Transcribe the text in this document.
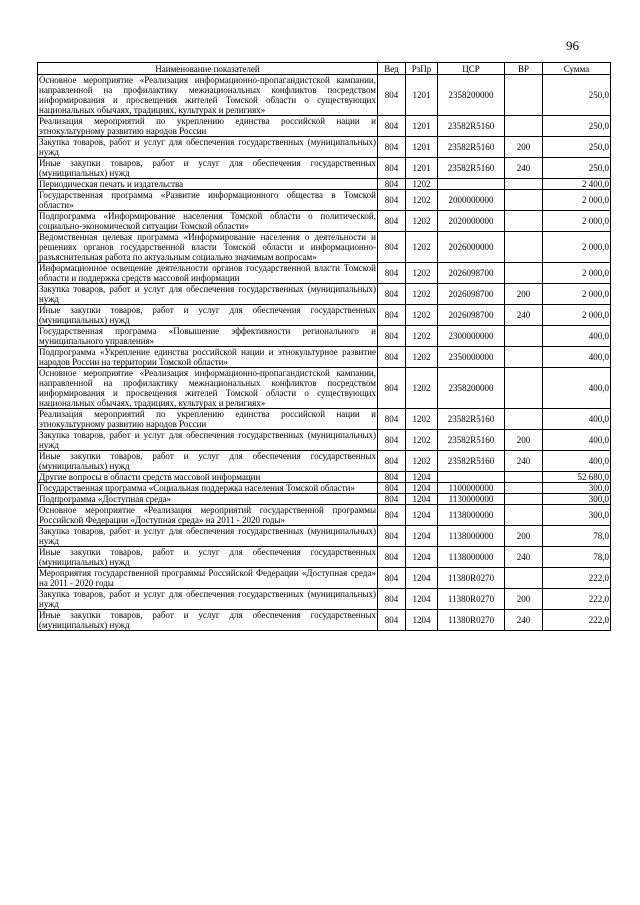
96
Наименование показателей	Вед	РзПр	ЦСР	ВР	Сумма
Основное мероприятие «Реализация информационно-пропагандистской кампании, направленной на профилактику межнациональных конфликтов посредством информирования и просвещения жителей Томской области о существующих национальных обычаях, традициях, культурах и религиях»	804	1201	2358200000		250,0
Реализация мероприятий по укреплению единства российской нации и этнокультурному развитию народов России	804	1201	23582R5160		250,0
Закупка товаров, работ и услуг для обеспечения государственных (муниципальных) нужд	804	1201	23582R5160	200	250,0
Иные закупки товаров, работ и услуг для обеспечения государственных (муниципальных) нужд	804	1201	23582R5160	240	250,0
Периодическая печать и издательства	804	1202			2 400,0
Государственная программа «Развитие информационного общества в Томской области»	804	1202	2000000000		2 000,0
Подпрограмма «Информирование населения Томской области о политической, социально-экономической ситуации Томской области»	804	1202	2020000000		2 000,0
Ведомственная целевая программа «Информирование населения о деятельности и решениях органов государственной власти Томской области и информационно-разъяснительная работа по актуальным социально значимым вопросам»	804	1202	2026000000		2 000,0
Информационное освещение деятельности органов государственной власти Томской области и поддержка средств массовой информации	804	1202	2026098700		2 000,0
Закупка товаров, работ и услуг для обеспечения государственных (муниципальных) нужд	804	1202	2026098700	200	2 000,0
Иные закупки товаров, работ и услуг для обеспечения государственных (муниципальных) нужд	804	1202	2026098700	240	2 000,0
Государственная программа «Повышение эффективности регионального и муниципального управления»	804	1202	2300000000		400,0
Подпрограмма «Укрепление единства российской нации и этнокультурное развитие народов России на территории Томской области»	804	1202	2350000000		400,0
Основное мероприятие «Реализация информационно-пропагандистской кампании, направленной на профилактику межнациональных конфликтов посредством информирования и просвещения жителей Томской области о существующих национальных обычаях, традициях, культурах и религиях»	804	1202	2358200000		400,0
Реализация мероприятий по укреплению единства российской нации и этнокультурному развитию народов России	804	1202	23582R5160		400,0
Закупка товаров, работ и услуг для обеспечения государственных (муниципальных) нужд	804	1202	23582R5160	200	400,0
Иные закупки товаров, работ и услуг для обеспечения государственных (муниципальных) нужд	804	1202	23582R5160	240	400,0
Другие вопросы в области средств массовой информации	804	1204			52 680,0
Государственная программа «Социальная поддержка населения Томской области»	804	1204	1100000000		300,0
Подпрограмма «Доступная среда»	804	1204	1130000000		300,0
Основное мероприятие «Реализация мероприятий государственной программы Российской Федерации «Доступная среда» на 2011 - 2020 годы»	804	1204	1138000000		300,0
Закупка товаров, работ и услуг для обеспечения государственных (муниципальных) нужд	804	1204	1138000000	200	78,0
Иные закупки товаров, работ и услуг для обеспечения государственных (муниципальных) нужд	804	1204	1138000000	240	78,0
Мероприятия государственной программы Российской Федерации «Доступная среда» на 2011 - 2020 годы	804	1204	11380R0270		222,0
Закупка товаров, работ и услуг для обеспечения государственных (муниципальных) нужд	804	1204	11380R0270	200	222,0
Иные закупки товаров, работ и услуг для обеспечения государственных (муниципальных) нужд	804	1204	11380R0270	240	222,0
